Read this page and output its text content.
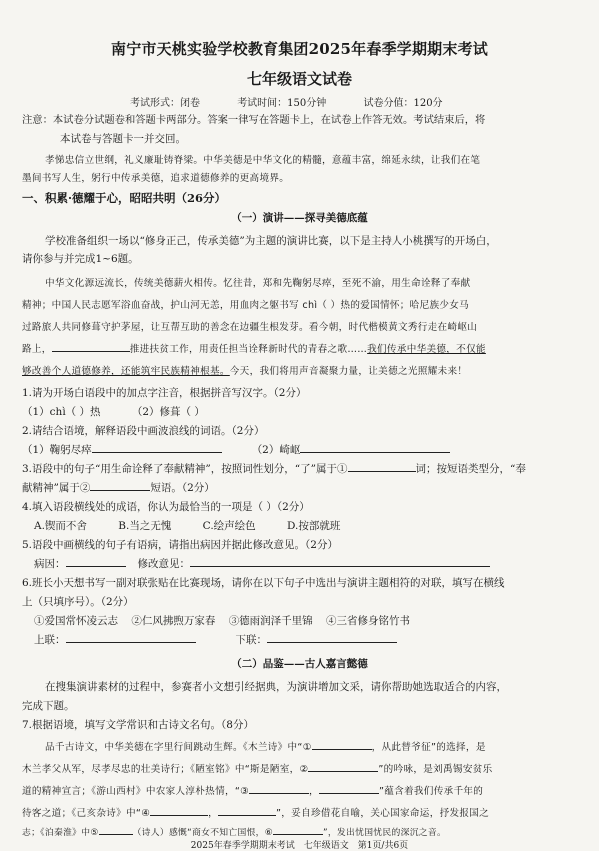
南宁市天桃实验学校教育集团2025年春季学期期末考试
七年级语文试卷
考试形式：闭卷	考试时间：150分钟	试卷分值：120分
注意：本试卷分试题卷和答题卡两部分。答案一律写在答题卡上，在试卷上作答无效。考试结束后，将
本试卷与答题卡一并交回。
孝悌忠信立世纲，礼义廉耻铸脊梁。中华美德是中华文化的精髓，意蕴丰富，绵延永续，让我们在笔
墨间书写人生，躬行中传承美德，追求道德修养的更高境界。
一、积累·德耀于心，昭昭共明（26分）
（一）演讲——探寻美德底蕴
学校准备组织一场以“修身正己，传承美德”为主题的演讲比赛，以下是主持人小桃撰写的开场白，
请你参与并完成1~6题。
中华文化源远流长，传统美德薪火相传。忆往昔，郑和先鞠躬尽瘁，至死不渝，用生命诠释了奉献
精神；中国人民志愿军浴血奋战，护山河无恙，用血肉之躯书写 chì（ ）热的爱国情怀；哈尼族少女马
过路旅人共同修葺守护茅屋，让互帮互助的善念在边疆生根发芽。看今朝，时代楷模黄文秀行走在崎岖山
路上，	推进扶贫工作，用责任担当诠释新时代的青春之歌……我们传承中华美德，不仅能
够改善个人道德修养，还能筑牢民族精神根基。今天，我们将用声音凝聚力量，让美德之光照耀未来！
1.请为开场白语段中的加点字注音，根据拼音写汉字。（2分）
（1）chì（ ）热	（2）修葺（ ）
2.请结合语境，解释语段中画波浪线的词语。（2分）
（1）鞠躬尽瘁	（2）崎岖
3.语段中的句子“用生命诠释了奉献精神”，按照词性划分，“了”属于①	词；按短语类型分，“奉
献精神”属于②	短语。（2分）
4.填入语段横线处的成语，你认为最恰当的一项是（ ）（2分）
A.锲而不舍	B.当之无愧	C.绘声绘色	D.按部就班
5.语段中画横线的句子有语病，请指出病因并据此修改意见。（2分）
病因：	修改意见：
6.班长小天想书写一副对联张贴在比赛现场，请你在以下句子中选出与演讲主题相符的对联，填写在横线
上（只填序号）。（2分）
①爱国常怀凌云志 ②仁风拂煦万家春 ③德雨润泽千里锦 ④三省修身铭竹书
上联：	下联：
（二）品鉴——古人嘉言懿德
在搜集演讲素材的过程中，参赛者小文想引经据典，为演讲增加文采，请你帮助她选取适合的内容，
完成下题。
7.根据语境，填写文学常识和古诗文名句。（8分）
品千古诗文，中华美德在字里行间跳动生辉。《木兰诗》中“①	，从此替爷征”的选择，是
木兰孝父从军，尽孝尽忠的壮美诗行；《陋室铭》中“斯是陋室，②	”的吟咏，是刘禹锡安贫乐
道的精神宣言；《游山西村》中农家人淳朴热情，“③	，	”蕴含着我们传承千年的
待客之道；《己亥杂诗》中“④	，	”，妥自珍借花自喻，关心国家命运，抒发报国之
志；《泊秦淮》中⑤	（诗人）感慨“商女不知亡国恨，⑥	”，发出忧国忧民的深沉之音。
2025年春季学期期末考试　七年级语文　第1页/共6页
